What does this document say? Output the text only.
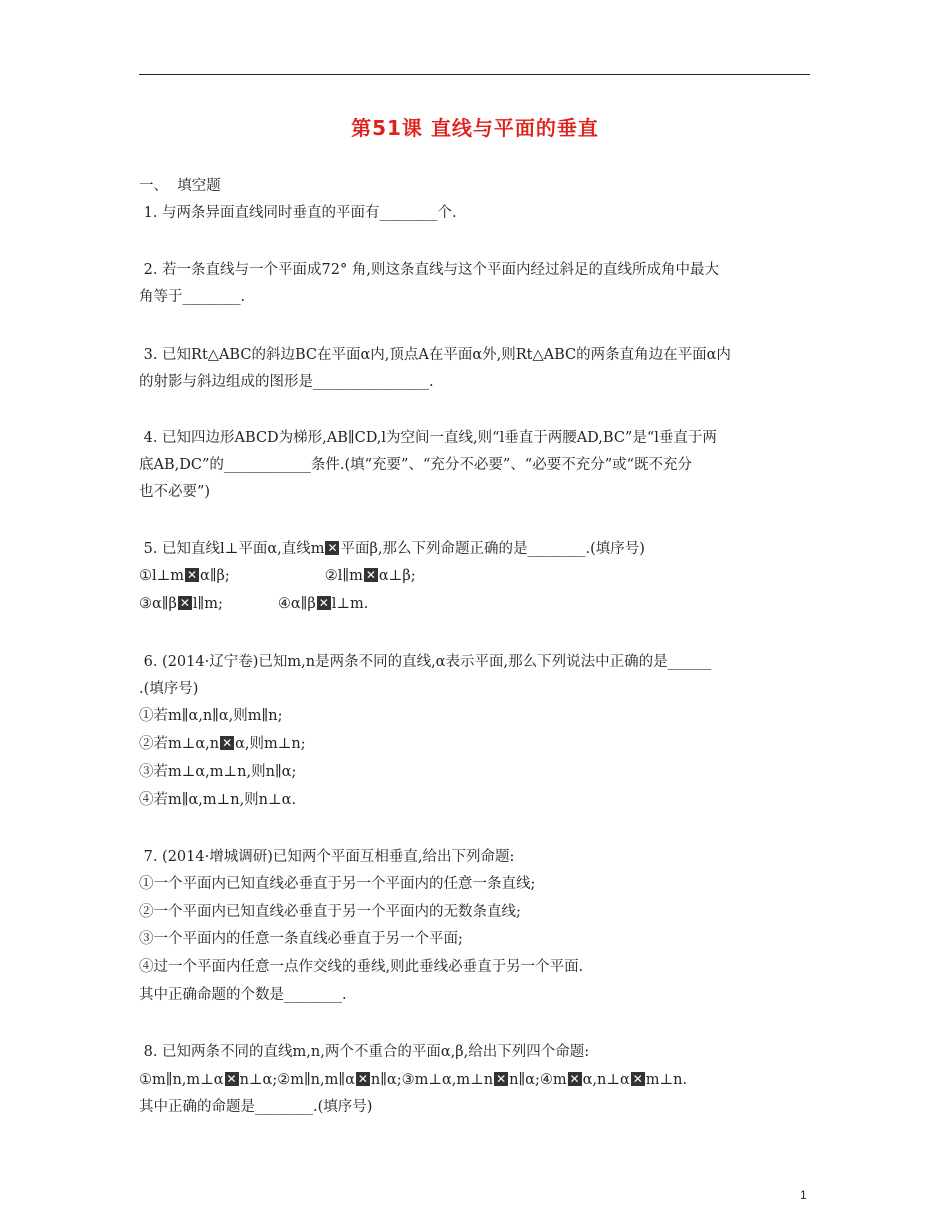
第51课 直线与平面的垂直
一、  填空题
1. 与两条异面直线同时垂直的平面有________个.
2. 若一条直线与一个平面成72° 角,则这条直线与这个平面内经过斜足的直线所成角中最大
角等于________.
3. 已知Rt△ABC的斜边BC在平面α内,顶点A在平面α外,则Rt△ABC的两条直角边在平面α内
的射影与斜边组成的图形是________________.
4. 已知四边形ABCD为梯形,AB∥CD,l为空间一直线,则“l垂直于两腰AD,BC”是“l垂直于两
底AB,DC”的____________条件.(填“充要”、“充分不必要”、“必要不充分”或“既不充分
也不必要”)
5. 已知直线l⊥平面α,直线m ✕ 平面β,那么下列命题正确的是________.(填序号)
①l⊥m ✕ α∥β;	②l∥m ✕ α⊥β;
③α∥β ✕ l∥m;	④α∥β ✕ l⊥m.
6. (2014·辽宁卷)已知m,n是两条不同的直线,α表示平面,那么下列说法中正确的是______
.(填序号)
①若m∥α,n∥α,则m∥n;
②若m⊥α,n ✕ α,则m⊥n;
③若m⊥α,m⊥n,则n∥α;
④若m∥α,m⊥n,则n⊥α.
7. (2014·增城调研)已知两个平面互相垂直,给出下列命题:
①一个平面内已知直线必垂直于另一个平面内的任意一条直线;
②一个平面内已知直线必垂直于另一个平面内的无数条直线;
③一个平面内的任意一条直线必垂直于另一个平面;
④过一个平面内任意一点作交线的垂线,则此垂线必垂直于另一个平面.
其中正确命题的个数是________.
8. 已知两条不同的直线m,n,两个不重合的平面α,β,给出下列四个命题:
①m∥n,m⊥α ✕ n⊥α;②m∥n,m∥α ✕ n∥α;③m⊥α,m⊥n ✕ n∥α;④m ✕ α,n⊥α ✕ m⊥n.
其中正确的命题是________.(填序号)
1
